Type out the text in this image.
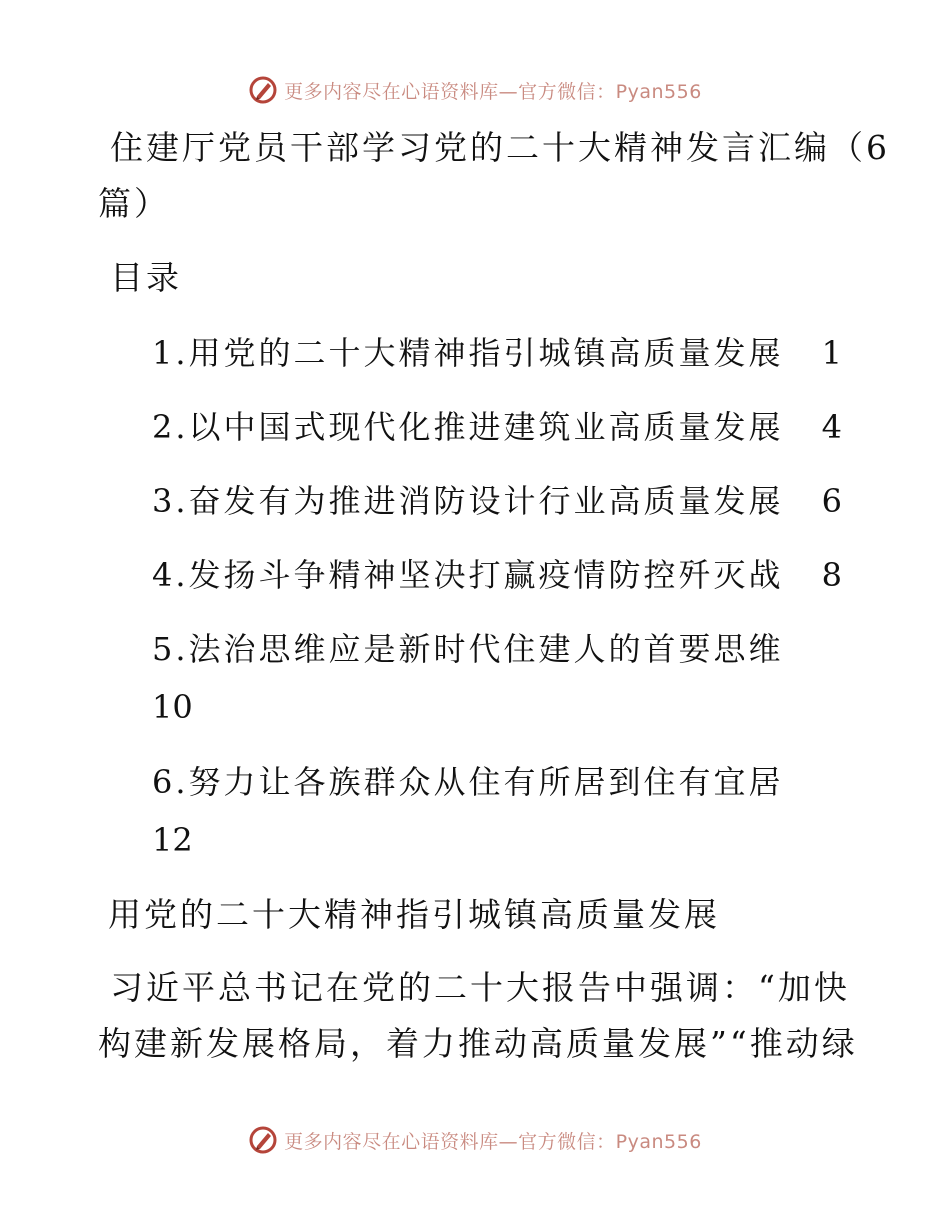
更多内容尽在心语资料库—官方微信：Pyan556
住建厅党员干部学习党的二十大精神发言汇编（6
篇）
目录
1.用党的二十大精神指引城镇高质量发展 1
2.以中国式现代化推进建筑业高质量发展 4
3.奋发有为推进消防设计行业高质量发展 6
4.发扬斗争精神坚决打赢疫情防控歼灭战 8
5.法治思维应是新时代住建人的首要思维
10
6.努力让各族群众从住有所居到住有宜居
12
用党的二十大精神指引城镇高质量发展
习近平总书记在党的二十大报告中强调：“加快
构建新发展格局，着力推动高质量发展”“推动绿
更多内容尽在心语资料库—官方微信：Pyan556
